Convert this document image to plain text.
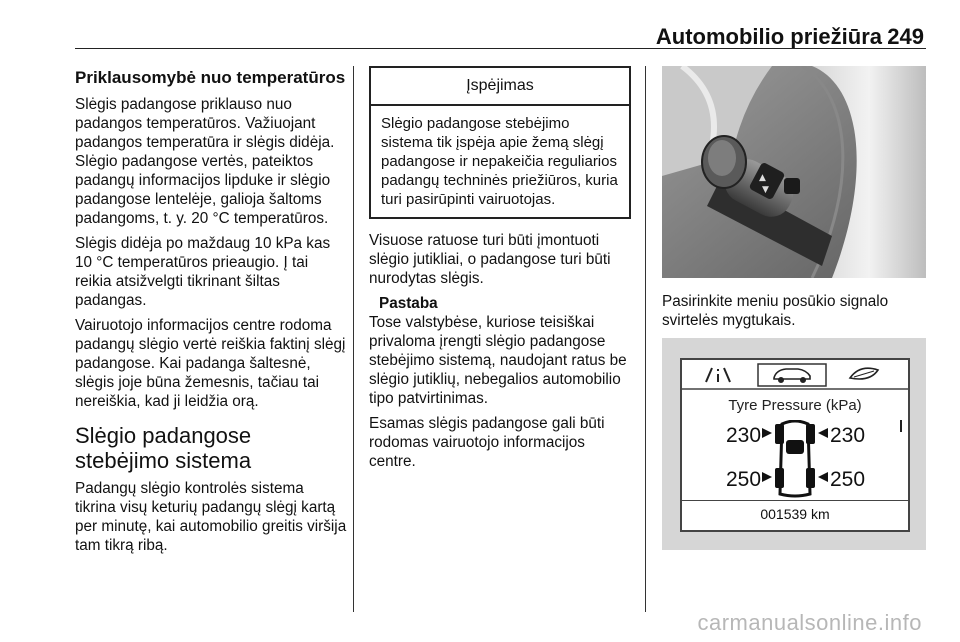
Automobilio priežiūra 249
Priklausomybė nuo temperatūros

Slėgis padangose priklauso nuo padangos temperatūros. Važiuojant padangos temperatūra ir slėgis didėja. Slėgio padangose vertės, pateiktos padangų informacijos lipduke ir slėgio padangose lentelėje, galioja šaltoms padangoms, t. y. 20 °C temperatūros.

Slėgis didėja po maždaug 10 kPa kas 10 °C temperatūros prieaugio. Į tai reikia atsižvelgti tikrinant šiltas padangas.

Vairuotojo informacijos centre rodoma padangų slėgio vertė reiškia faktinį slėgį padangose. Kai padanga šaltesnė, slėgis joje būna žemesnis, tačiau tai nereiškia, kad ji leidžia orą.

Slėgio padangose stebėjimo sistema

Padangų slėgio kontrolės sistema tikrina visų keturių padangų slėgį kartą per minutę, kai automobilio greitis viršija tam tikrą ribą.

Įspėjimas
Slėgio padangose stebėjimo sistema tik įspėja apie žemą slėgį padangose ir nepakeičia reguliarios padangų techninės priežiūros, kuria turi pasirūpinti vairuotojas.

Visuose ratuose turi būti įmontuoti slėgio jutikliai, o padangose turi būti nurodytas slėgis.

Pastaba

Tose valstybėse, kuriose teisiškai privaloma įrengti slėgio padangose stebėjimo sistemą, naudojant ratus be slėgio jutiklių, nebegalios automobilio tipo patvirtinimas.

Esamas slėgis padangose gali būti rodomas vairuotojo informacijos centre.

▲
▼
Pasirinkite meniu posūkio signalo svirtelės mygtukais.
Tyre Pressure (kPa)
230	230
250	250
001539 km
carmanualsonline.info
